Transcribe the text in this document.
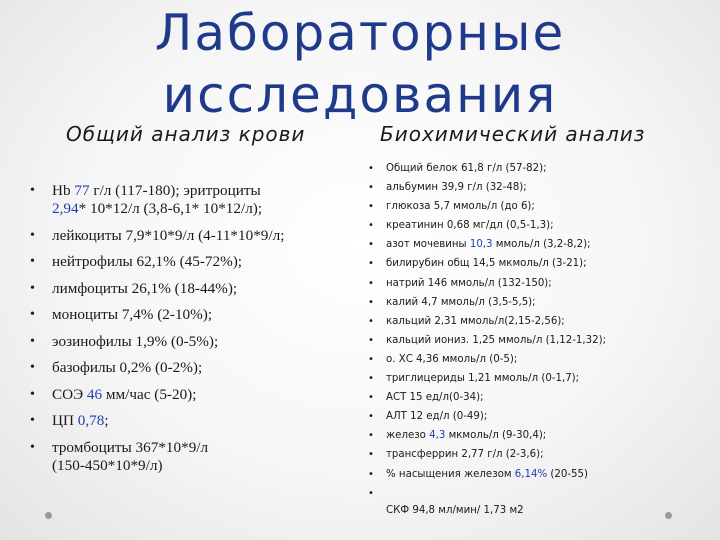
Лабораторные
исследования
Общий анализ крови	Биохимический анализ
• Hb 77 г/л (117-180); эритроциты
2,94* 10*12/л (3,8-6,1* 10*12/л);
• лейкоциты 7,9*10*9/л (4-11*10*9/л;
• нейтрофилы 62,1% (45-72%);
• лимфоциты 26,1% (18-44%);
• моноциты 7,4% (2-10%);
• эозинофилы 1,9% (0-5%);
• базофилы 0,2% (0-2%);
• СОЭ 46 мм/час (5-20);
• ЦП 0,78;
• тромбоциты 367*10*9/л
(150-450*10*9/л)
• Общий белок 61,8 г/л (57-82);
• альбумин 39,9 г/л (32-48);
• глюкоза 5,7 ммоль/л (до 6);
• креатинин 0,68 мг/дл (0,5-1,3);
• азот мочевины 10,3 ммоль/л (3,2-8,2);
• билирубин общ 14,5 мкмоль/л (3-21);
• натрий 146 ммоль/л (132-150);
• калий 4,7 ммоль/л (3,5-5,5);
• кальций 2,31 ммоль/л(2,15-2,56);
• кальций иониз. 1,25 ммоль/л (1,12-1,32);
• о. ХС 4,36 ммоль/л (0-5);
• триглицериды 1,21 ммоль/л (0-1,7);
• АСТ 15 ед/л(0-34);
• АЛТ 12 ед/л (0-49);
• железо 4,3 мкмоль/л (9-30,4);
• трансферрин 2,77 г/л (2-3,6);
• % насыщения железом 6,14% (20-55)
•
СКФ 94,8 мл/мин/ 1,73 м2
